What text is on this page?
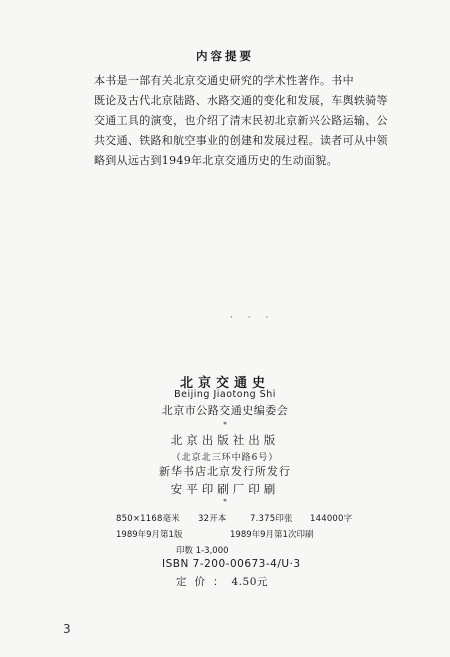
内容提要
本书是一部有关北京交通史研究的学术性著作。书中
既论及古代北京陆路、水路交通的变化和发展，车舆轶骑等
交通工具的演变，也介绍了清末民初北京新兴公路运输、公
共交通、铁路和航空事业的创建和发展过程。读者可从中领
略到从远古到1949年北京交通历史的生动面貌。
· · ·
北京交通史
Beijing Jiaotong Shi
北京市公路交通史编委会
*
北京出版社出版
（北京北三环中路6号）
新华书店北京发行所发行
安平印刷厂印刷
*
850×1168毫米 32开本	7.375印张 144000字
1989年9月第1版	1989年9月第1次印刷
印数 1-3,000
ISBN 7-200-00673-4/U·3
定价：4.50元
3
